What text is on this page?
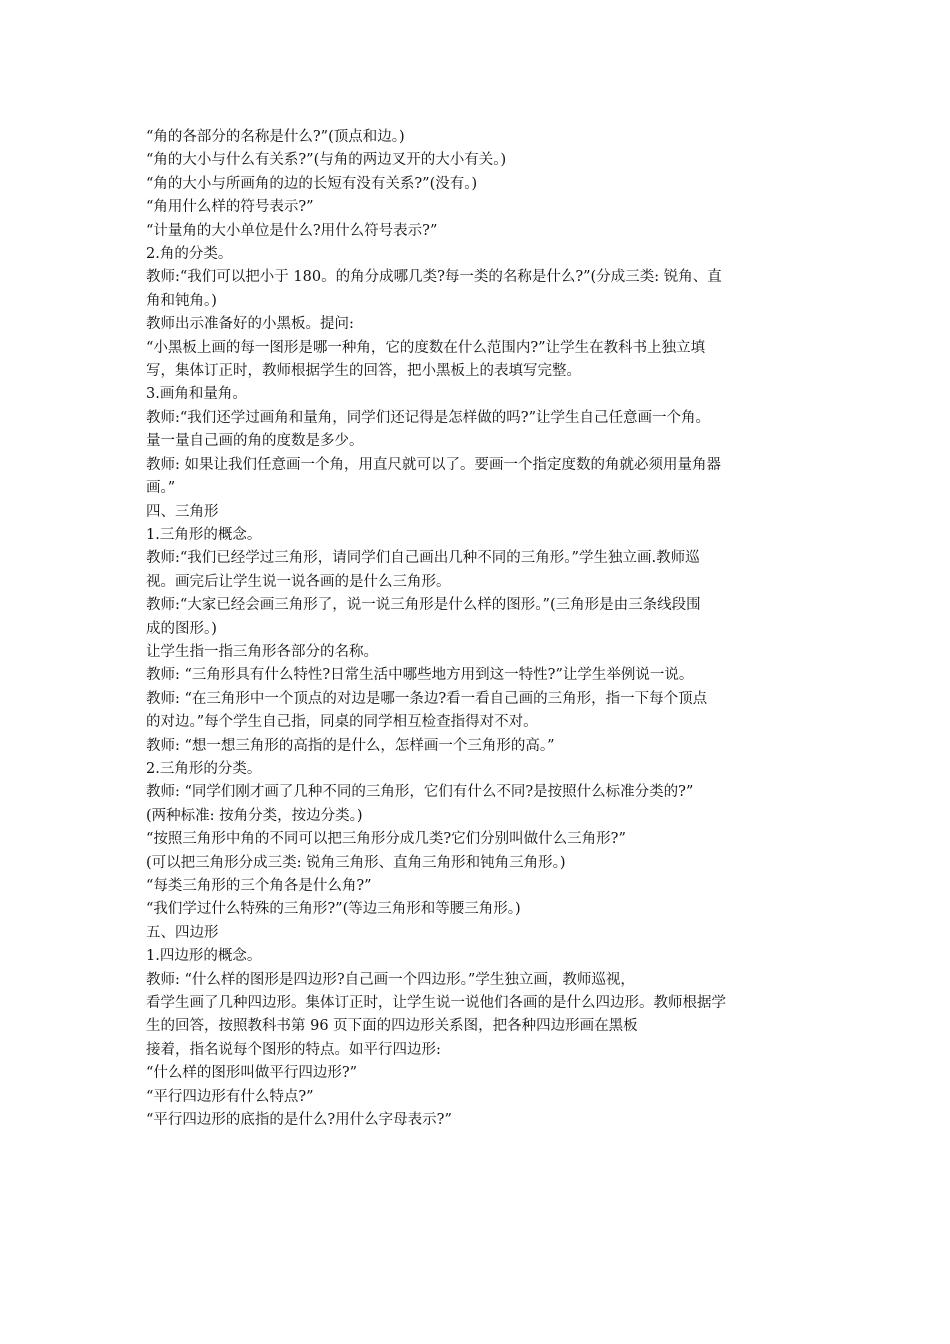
“角的各部分的名称是什么?”(顶点和边。)

“角的大小与什么有关系?”(与角的两边叉开的大小有关。)

“角的大小与所画角的边的长短有没有关系?”(没有。)

“角用什么样的符号表示?”

“计量角的大小单位是什么?用什么符号表示?”

2.角的分类。

教师:“我们可以把小于 180。的角分成哪几类?每一类的名称是什么?”(分成三类: 锐角、直
角和钝角。)

教师出示准备好的小黑板。提问:

“小黑板上画的每一图形是哪一种角，它的度数在什么范围内?”让学生在教科书上独立填
写，集体订正时，教师根据学生的回答，把小黑板上的表填写完整。

3.画角和量角。

教师:“我们还学过画角和量角，同学们还记得是怎样做的吗?”让学生自己任意画一个角。
量一量自己画的角的度数是多少。

教师: 如果让我们任意画一个角，用直尺就可以了。要画一个指定度数的角就必须用量角器
画。”

四、三角形

1.三角形的概念。

教师:“我们已经学过三角形，请同学们自己画出几种不同的三角形。”学生独立画.教师巡
视。画完后让学生说一说各画的是什么三角形。

教师:“大家已经会画三角形了，说一说三角形是什么样的图形。”(三角形是由三条线段围
成的图形。)

让学生指一指三角形各部分的名称。

教师: “三角形具有什么特性?日常生活中哪些地方用到这一特性?”让学生举例说一说。

教师: “在三角形中一个顶点的对边是哪一条边?看一看自己画的三角形，指一下每个顶点
的对边。”每个学生自己指，同桌的同学相互检查指得对不对。

教师: “想一想三角形的高指的是什么，怎样画一个三角形的高。”

2.三角形的分类。

教师: “同学们刚才画了几种不同的三角形，它们有什么不同?是按照什么标准分类的?”
(两种标准: 按角分类，按边分类。)

“按照三角形中角的不同可以把三角形分成几类?它们分别叫做什么三角形?”

(可以把三角形分成三类: 锐角三角形、直角三角形和钝角三角形。)

“每类三角形的三个角各是什么角?”

“我们学过什么特殊的三角形?”(等边三角形和等腰三角形。)

五、四边形

1.四边形的概念。

教师: “什么样的图形是四边形?自己画一个四边形。”学生独立画，教师巡视，

看学生画了几种四边形。集体订正时，让学生说一说他们各画的是什么四边形。教师根据学
生的回答，按照教科书第 96 页下面的四边形关系图，把各种四边形画在黑板

接着，指名说每个图形的特点。如平行四边形:

“什么样的图形叫做平行四边形?”

“平行四边形有什么特点?”

“平行四边形的底指的是什么?用什么字母表示?”
